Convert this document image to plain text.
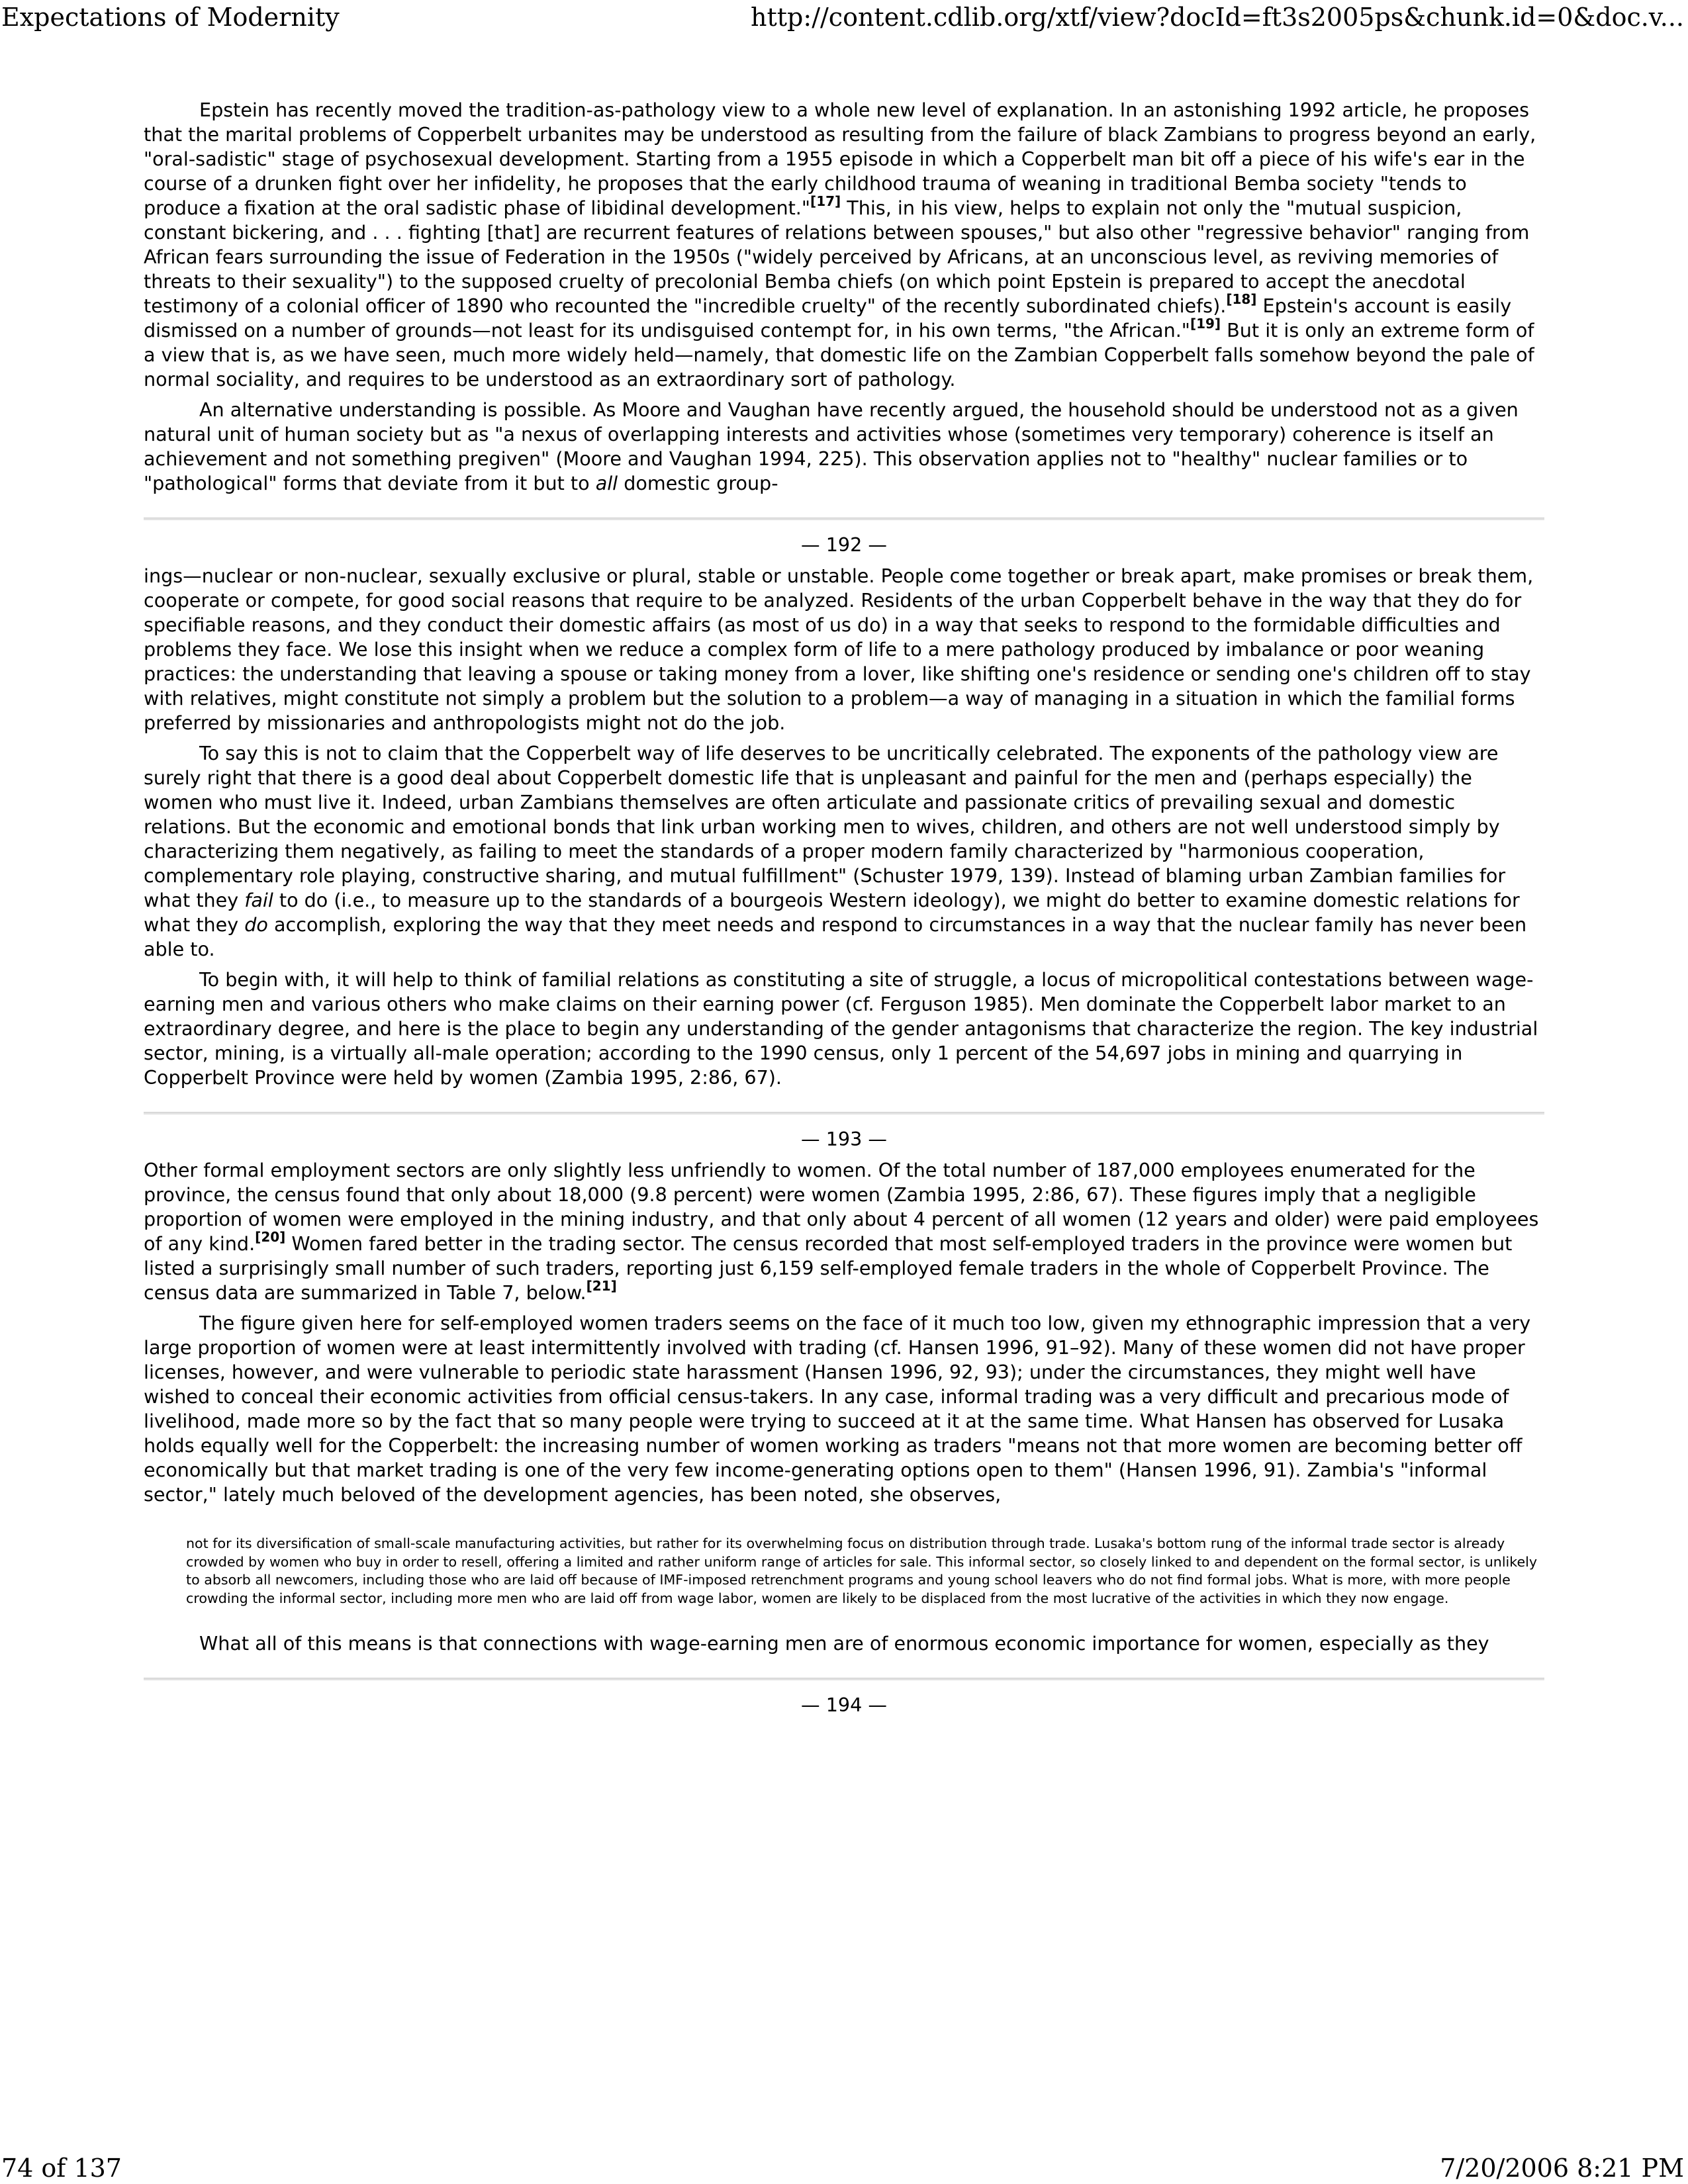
Expectations of Modernity	http://content.cdlib.org/xtf/view?docId=ft3s2005ps&chunk.id=0&doc.v...

Epstein has recently moved the tradition-as-pathology view to a whole new level of explanation. In an astonishing 1992 article, he proposes that the marital problems of Copperbelt urbanites may be understood as resulting from the failure of black Zambians to progress beyond an early, "oral-sadistic" stage of psychosexual development. Starting from a 1955 episode in which a Copperbelt man bit off a piece of his wife's ear in the course of a drunken fight over her infidelity, he proposes that the early childhood trauma of weaning in traditional Bemba society "tends to produce a fixation at the oral sadistic phase of libidinal development."[17] This, in his view, helps to explain not only the "mutual suspicion, constant bickering, and . . . fighting [that] are recurrent features of relations between spouses," but also other "regressive behavior" ranging from African fears surrounding the issue of Federation in the 1950s ("widely perceived by Africans, at an unconscious level, as reviving memories of threats to their sexuality") to the supposed cruelty of precolonial Bemba chiefs (on which point Epstein is prepared to accept the anecdotal testimony of a colonial officer of 1890 who recounted the "incredible cruelty" of the recently subordinated chiefs).[18] Epstein's account is easily dismissed on a number of grounds—not least for its undisguised contempt for, in his own terms, "the African."[19] But it is only an extreme form of a view that is, as we have seen, much more widely held—namely, that domestic life on the Zambian Copperbelt falls somehow beyond the pale of normal sociality, and requires to be understood as an extraordinary sort of pathology.

An alternative understanding is possible. As Moore and Vaughan have recently argued, the household should be understood not as a given natural unit of human society but as "a nexus of overlapping interests and activities whose (sometimes very temporary) coherence is itself an achievement and not something pregiven" (Moore and Vaughan 1994, 225). This observation applies not to "healthy" nuclear families or to "pathological" forms that deviate from it but to all domestic group-

— 192 —

ings—nuclear or non-nuclear, sexually exclusive or plural, stable or unstable. People come together or break apart, make promises or break them, cooperate or compete, for good social reasons that require to be analyzed. Residents of the urban Copperbelt behave in the way that they do for specifiable reasons, and they conduct their domestic affairs (as most of us do) in a way that seeks to respond to the formidable difficulties and problems they face. We lose this insight when we reduce a complex form of life to a mere pathology produced by imbalance or poor weaning practices: the understanding that leaving a spouse or taking money from a lover, like shifting one's residence or sending one's children off to stay with relatives, might constitute not simply a problem but the solution to a problem—a way of managing in a situation in which the familial forms preferred by missionaries and anthropologists might not do the job.

To say this is not to claim that the Copperbelt way of life deserves to be uncritically celebrated. The exponents of the pathology view are surely right that there is a good deal about Copperbelt domestic life that is unpleasant and painful for the men and (perhaps especially) the women who must live it. Indeed, urban Zambians themselves are often articulate and passionate critics of prevailing sexual and domestic relations. But the economic and emotional bonds that link urban working men to wives, children, and others are not well understood simply by characterizing them negatively, as failing to meet the standards of a proper modern family characterized by "harmonious cooperation, complementary role playing, constructive sharing, and mutual fulfillment" (Schuster 1979, 139). Instead of blaming urban Zambian families for what they fail to do (i.e., to measure up to the standards of a bourgeois Western ideology), we might do better to examine domestic relations for what they do accomplish, exploring the way that they meet needs and respond to circumstances in a way that the nuclear family has never been able to.

To begin with, it will help to think of familial relations as constituting a site of struggle, a locus of micropolitical contestations between wage-earning men and various others who make claims on their earning power (cf. Ferguson 1985). Men dominate the Copperbelt labor market to an extraordinary degree, and here is the place to begin any understanding of the gender antagonisms that characterize the region. The key industrial sector, mining, is a virtually all-male operation; according to the 1990 census, only 1 percent of the 54,697 jobs in mining and quarrying in Copperbelt Province were held by women (Zambia 1995, 2:86, 67).

— 193 —

Other formal employment sectors are only slightly less unfriendly to women. Of the total number of 187,000 employees enumerated for the province, the census found that only about 18,000 (9.8 percent) were women (Zambia 1995, 2:86, 67). These figures imply that a negligible proportion of women were employed in the mining industry, and that only about 4 percent of all women (12 years and older) were paid employees of any kind.[20] Women fared better in the trading sector. The census recorded that most self-employed traders in the province were women but listed a surprisingly small number of such traders, reporting just 6,159 self-employed female traders in the whole of Copperbelt Province. The census data are summarized in Table 7, below.[21]

The figure given here for self-employed women traders seems on the face of it much too low, given my ethnographic impression that a very large proportion of women were at least intermittently involved with trading (cf. Hansen 1996, 91–92). Many of these women did not have proper licenses, however, and were vulnerable to periodic state harassment (Hansen 1996, 92, 93); under the circumstances, they might well have wished to conceal their economic activities from official census-takers. In any case, informal trading was a very difficult and precarious mode of livelihood, made more so by the fact that so many people were trying to succeed at it at the same time. What Hansen has observed for Lusaka holds equally well for the Copperbelt: the increasing number of women working as traders "means not that more women are becoming better off economically but that market trading is one of the very few income-generating options open to them" (Hansen 1996, 91). Zambia's "informal sector," lately much beloved of the development agencies, has been noted, she observes,

not for its diversification of small-scale manufacturing activities, but rather for its overwhelming focus on distribution through trade. Lusaka's bottom rung of the informal trade sector is already crowded by women who buy in order to resell, offering a limited and rather uniform range of articles for sale. This informal sector, so closely linked to and dependent on the formal sector, is unlikely to absorb all newcomers, including those who are laid off because of IMF-imposed retrenchment programs and young school leavers who do not find formal jobs. What is more, with more people crowding the informal sector, including more men who are laid off from wage labor, women are likely to be displaced from the most lucrative of the activities in which they now engage.

What all of this means is that connections with wage-earning men are of enormous economic importance for women, especially as they

— 194 —
74 of 137	7/20/2006 8:21 PM
